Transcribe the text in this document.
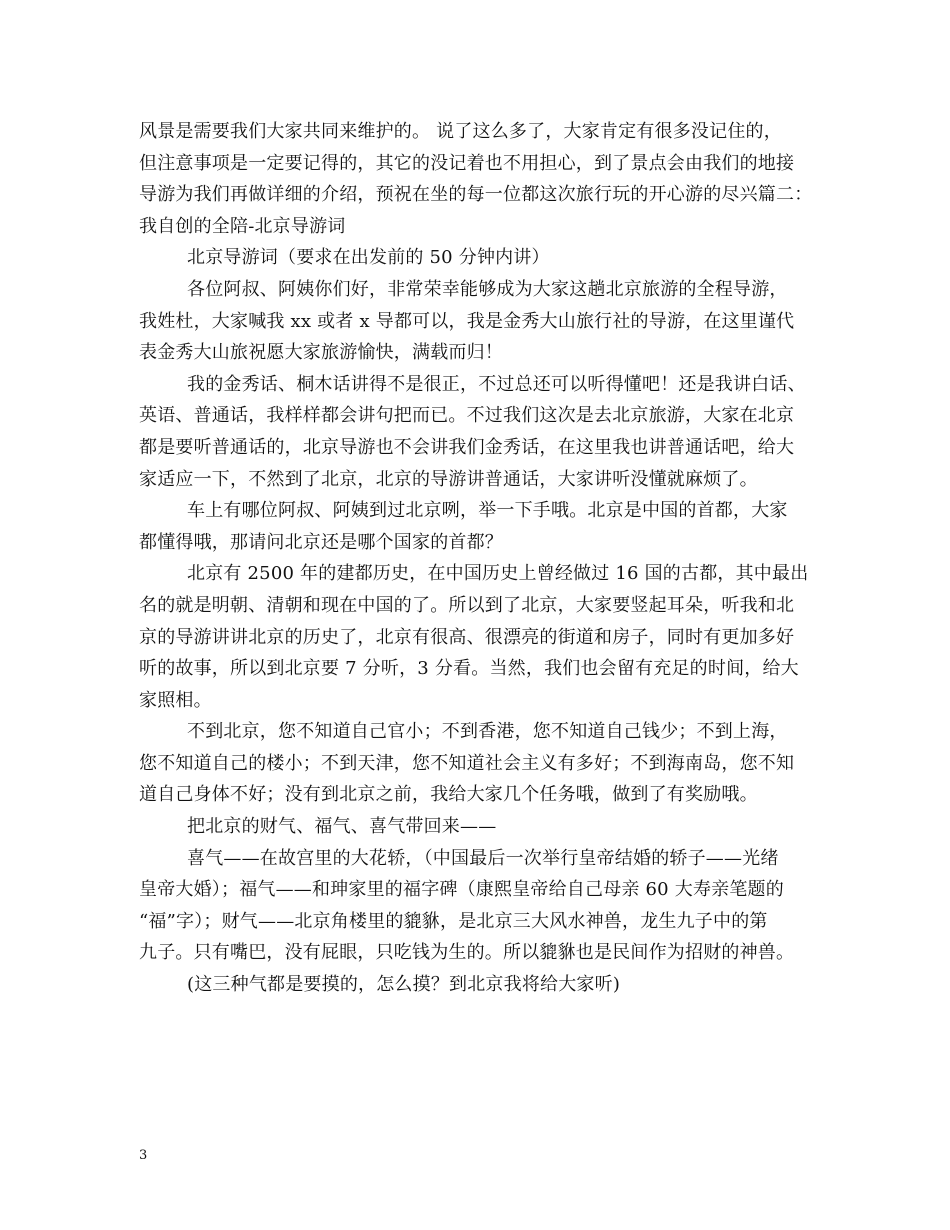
风景是需要我们大家共同来维护的。 说了这么多了，大家肯定有很多没记住的，
但注意事项是一定要记得的，其它的没记着也不用担心，到了景点会由我们的地接
导游为我们再做详细的介绍，预祝在坐的每一位都这次旅行玩的开心游的尽兴篇二：
我自创的全陪-北京导游词
北京导游词（要求在出发前的 50 分钟内讲）
各位阿叔、阿姨你们好，非常荣幸能够成为大家这趟北京旅游的全程导游，
我姓杜，大家喊我 xx 或者 x 导都可以，我是金秀大山旅行社的导游，在这里谨代
表金秀大山旅祝愿大家旅游愉快，满载而归！
我的金秀话、桐木话讲得不是很正，不过总还可以听得懂吧！还是我讲白话、
英语、普通话，我样样都会讲句把而已。不过我们这次是去北京旅游，大家在北京
都是要听普通话的，北京导游也不会讲我们金秀话，在这里我也讲普通话吧，给大
家适应一下，不然到了北京，北京的导游讲普通话，大家讲听没懂就麻烦了。
车上有哪位阿叔、阿姨到过北京咧，举一下手哦。北京是中国的首都，大家
都懂得哦，那请问北京还是哪个国家的首都？
北京有 2500 年的建都历史，在中国历史上曾经做过 16 国的古都，其中最出
名的就是明朝、清朝和现在中国的了。所以到了北京，大家要竖起耳朵，听我和北
京的导游讲讲北京的历史了，北京有很高、很漂亮的街道和房子，同时有更加多好
听的故事，所以到北京要 7 分听，3 分看。当然，我们也会留有充足的时间，给大
家照相。
不到北京，您不知道自己官小；不到香港，您不知道自己钱少；不到上海，
您不知道自己的楼小；不到天津，您不知道社会主义有多好；不到海南岛，您不知
道自己身体不好；没有到北京之前，我给大家几个任务哦，做到了有奖励哦。
把北京的财气、福气、喜气带回来——
喜气——在故宫里的大花轿，（中国最后一次举行皇帝结婚的轿子——光绪
皇帝大婚）；福气——和珅家里的福字碑（康熙皇帝给自己母亲 60 大寿亲笔题的
“福”字）；财气——北京角楼里的貔貅，是北京三大风水神兽，龙生九子中的第
九子。只有嘴巴，没有屁眼，只吃钱为生的。所以貔貅也是民间作为招财的神兽。
(这三种气都是要摸的，怎么摸？到北京我将给大家听)
3
